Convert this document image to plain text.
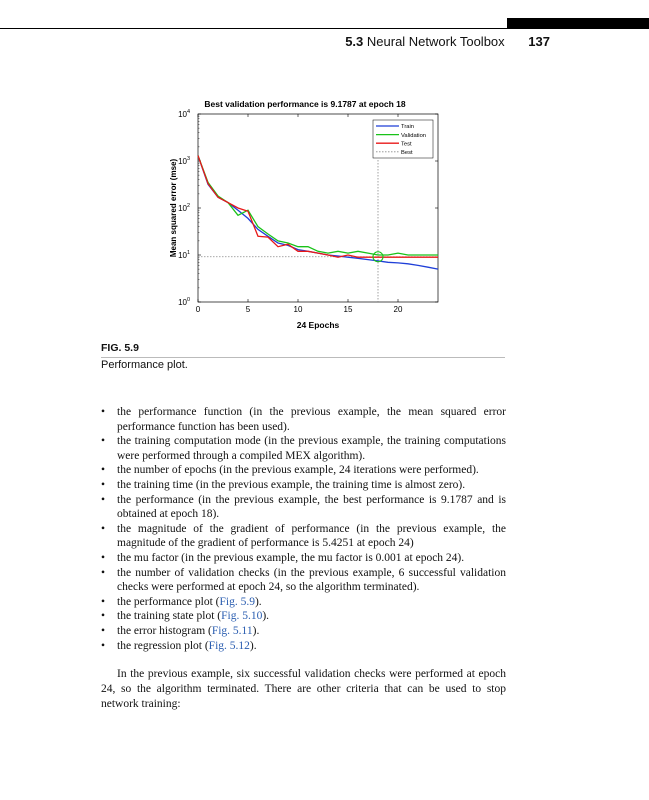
5.3 Neural Network Toolbox 137
Best validation performance is 9.1787 at epoch 18
Mean squared error (mse)
24 Epochs
0	5	10	15	20
10 0
10 1
10 2
10 3
10 4
Train
Validation
Test
Best
FIG. 5.9
Performance plot.
• the performance function (in the previous example, the mean squared error performance function has been used).
• the training computation mode (in the previous example, the training computations were performed through a compiled MEX algorithm).
• the number of epochs (in the previous example, 24 iterations were performed).
• the training time (in the previous example, the training time is almost zero).
• the performance (in the previous example, the best performance is 9.1787 and is obtained at epoch 18).
• the magnitude of the gradient of performance (in the previous example, the magnitude of the gradient of performance is 5.4251 at epoch 24)
• the mu factor (in the previous example, the mu factor is 0.001 at epoch 24).
• the number of validation checks (in the previous example, 6 successful validation checks were performed at epoch 24, so the algorithm terminated).
• the performance plot (Fig. 5.9).
• the training state plot (Fig. 5.10).
• the error histogram (Fig. 5.11).
• the regression plot (Fig. 5.12).

In the previous example, six successful validation checks were performed at epoch 24, so the algorithm terminated. There are other criteria that can be used to stop network training:
